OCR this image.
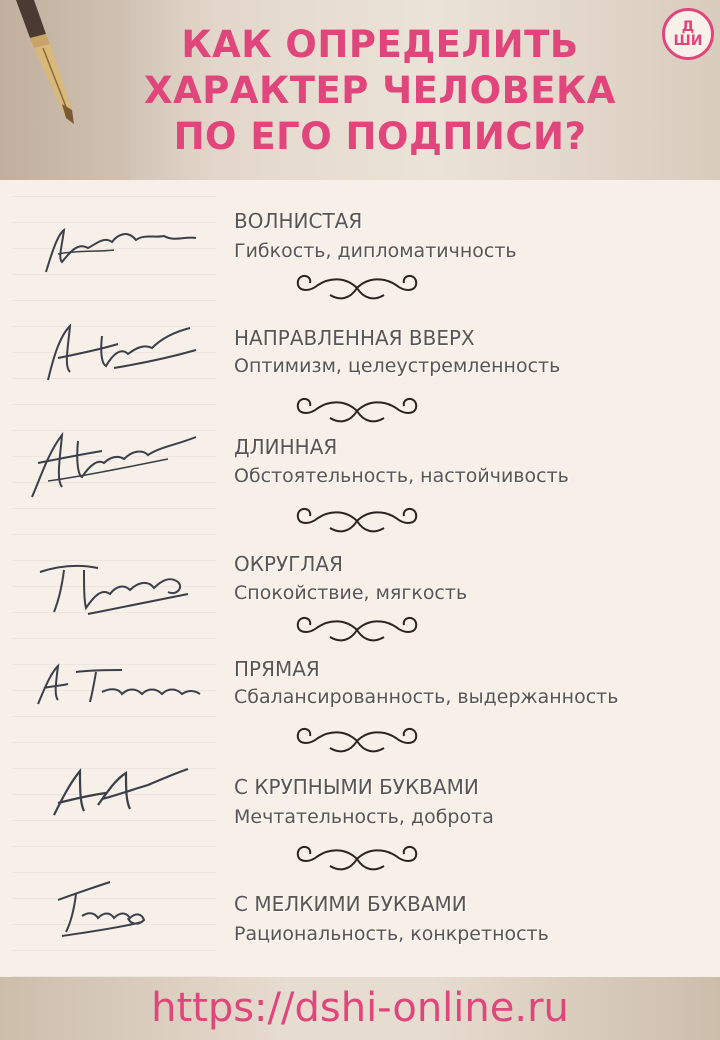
КАК ОПРЕДЕЛИТЬ
ХАРАКТЕР ЧЕЛОВЕКА
ПО ЕГО ПОДПИСИ?
Д
ШИ
ВОЛНИСТАЯ
Гибкость, дипломатичность
НАПРАВЛЕННАЯ ВВЕРХ
Оптимизм, целеустремленность
ДЛИННАЯ
Обстоятельность, настойчивость
ОКРУГЛАЯ
Спокойствие, мягкость
ПРЯМАЯ
Сбалансированность, выдержанность
С КРУПНЫМИ БУКВАМИ
Мечтательность, доброта
С МЕЛКИМИ БУКВАМИ
Рациональность, конкретность
https://dshi-online.ru
